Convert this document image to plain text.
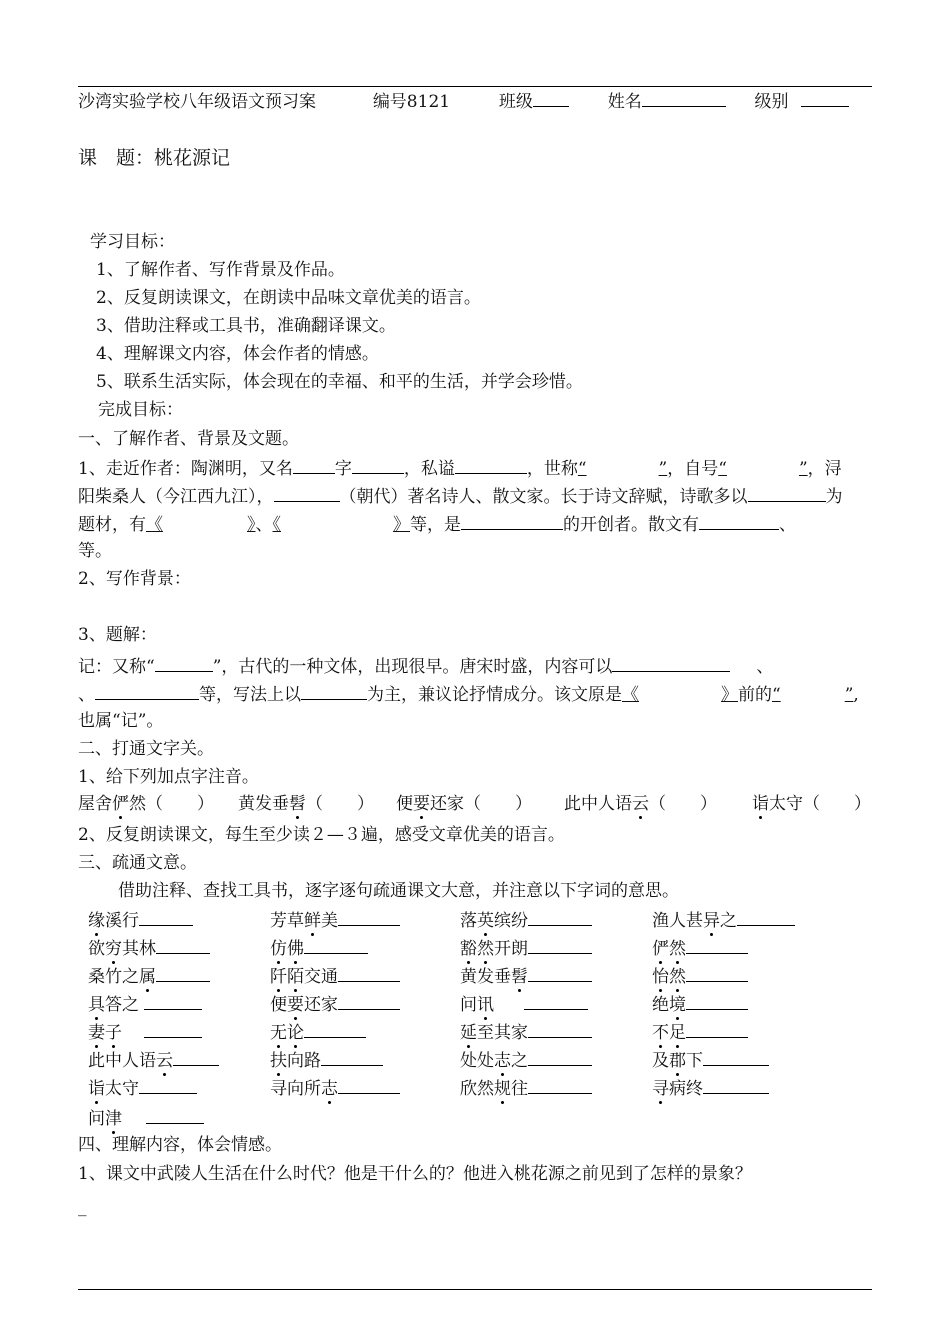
沙湾实验学校八年级语文预习案	编号8121	班级	姓名	级别
课　题：桃花源记
学习目标：
1、了解作者、写作背景及作品。
2、反复朗读课文，在朗读中品味文章优美的语言。
3、借助注释或工具书，准确翻译课文。
4、理解课文内容，体会作者的情感。
5、联系生活实际，体会现在的幸福、和平的生活，并学会珍惜。
完成目标：
一、了解作者、背景及文题。
1、走近作者：陶渊明，又名 字	，私谥	，世称“	”，自号“	”，浔
阳柴桑人（今江西九江），	（朝代）著名诗人、散文家。长于诗文辞赋，诗歌多以	为
题材，有《	》、《	》等，是	的开创者。散文有	、
等。
2、写作背景：
3、题解：
记：又称“	”，古代的一种文体，出现很早。唐宋时盛，内容可以	、
、	等，写法上以	为主，兼议论抒情成分。该文原是《	》前的“	”,
也属“记”。
二、打通文字关。
1、给下列加点字注音。
屋舍俨然（　　） 黄发垂髫（　　） 便要还家（　　） 此中人语云（　　） 诣太守（　　）
2、反复朗读课文，每生至少读２—３遍，感受文章优美的语言。
三、疏通文意。
借助注释、查找工具书，逐字逐句疏通课文大意，并注意以下字词的意思。
缘溪行	芳草鲜美	落英缤纷	渔人甚异之
欲穷其林	仿佛	豁然开朗	俨然
桑竹之属	阡陌交通	黄发垂髫	怡然
具答之	便要还家	问讯	绝境
妻子	无论	延至其家	不足
此中人语云	扶向路	处处志之	及郡下
诣太守	寻向所志	欣然规往	寻病终
问津
四、理解内容，体会情感。
1、课文中武陵人生活在什么时代？他是干什么的？他进入桃花源之前见到了怎样的景象？
_
